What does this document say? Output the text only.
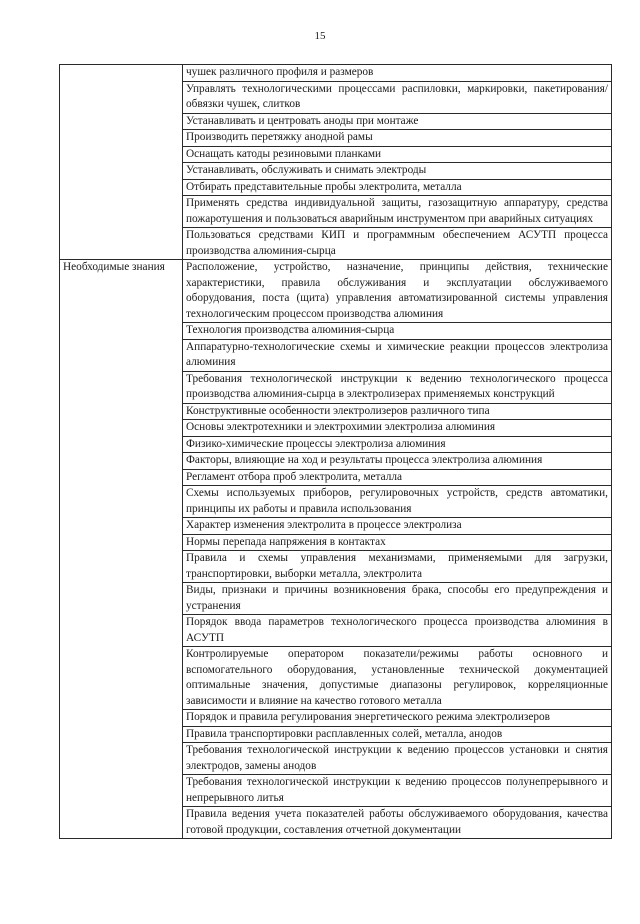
15

	чушек различного профиля и размеров

	Управлять технологическими процессами распиловки, маркировки, пакетирования/обвязки чушек, слитков

	Устанавливать и центровать аноды при монтаже

	Производить перетяжку анодной рамы

	Оснащать катоды резиновыми планками

	Устанавливать, обслуживать и снимать электроды

	Отбирать представительные пробы электролита, металла

	Применять средства индивидуальной защиты, газозащитную аппаратуру, средства пожаротушения и пользоваться аварийным инструментом при аварийных ситуациях

	Пользоваться средствами КИП и программным обеспечением АСУТП процесса производства алюминия-сырца

Необходимые знания	Расположение, устройство, назначение, принципы действия, технические характеристики, правила обслуживания и эксплуатации обслуживаемого оборудования, поста (щита) управления автоматизированной системы управления технологическим процессом производства алюминия

	Технология производства алюминия-сырца

	Аппаратурно-технологические схемы и химические реакции процессов электролиза алюминия

	Требования технологической инструкции к ведению технологического процесса производства алюминия-сырца в электролизерах применяемых конструкций

	Конструктивные особенности электролизеров различного типа

	Основы электротехники и электрохимии электролиза алюминия

	Физико-химические процессы электролиза алюминия

	Факторы, влияющие на ход и результаты процесса электролиза алюминия

	Регламент отбора проб электролита, металла

	Схемы используемых приборов, регулировочных устройств, средств автоматики, принципы их работы и правила использования

	Характер изменения электролита в процессе электролиза

	Нормы перепада напряжения в контактах

	Правила и схемы управления механизмами, применяемыми для загрузки, транспортировки, выборки металла, электролита

	Виды, признаки и причины возникновения брака, способы его предупреждения и устранения

	Порядок ввода параметров технологического процесса производства алюминия в АСУТП

	Контролируемые оператором показатели/режимы работы основного и вспомогательного оборудования, установленные технической документацией оптимальные значения, допустимые диапазоны регулировок, корреляционные зависимости и влияние на качество готового металла

	Порядок и правила регулирования энергетического режима электролизеров

	Правила транспортировки расплавленных солей, металла, анодов

	Требования технологической инструкции к ведению процессов установки и снятия электродов, замены анодов

	Требования технологической инструкции к ведению процессов полунепрерывного и непрерывного литья

	Правила ведения учета показателей работы обслуживаемого оборудования, качества готовой продукции, составления отчетной документации
